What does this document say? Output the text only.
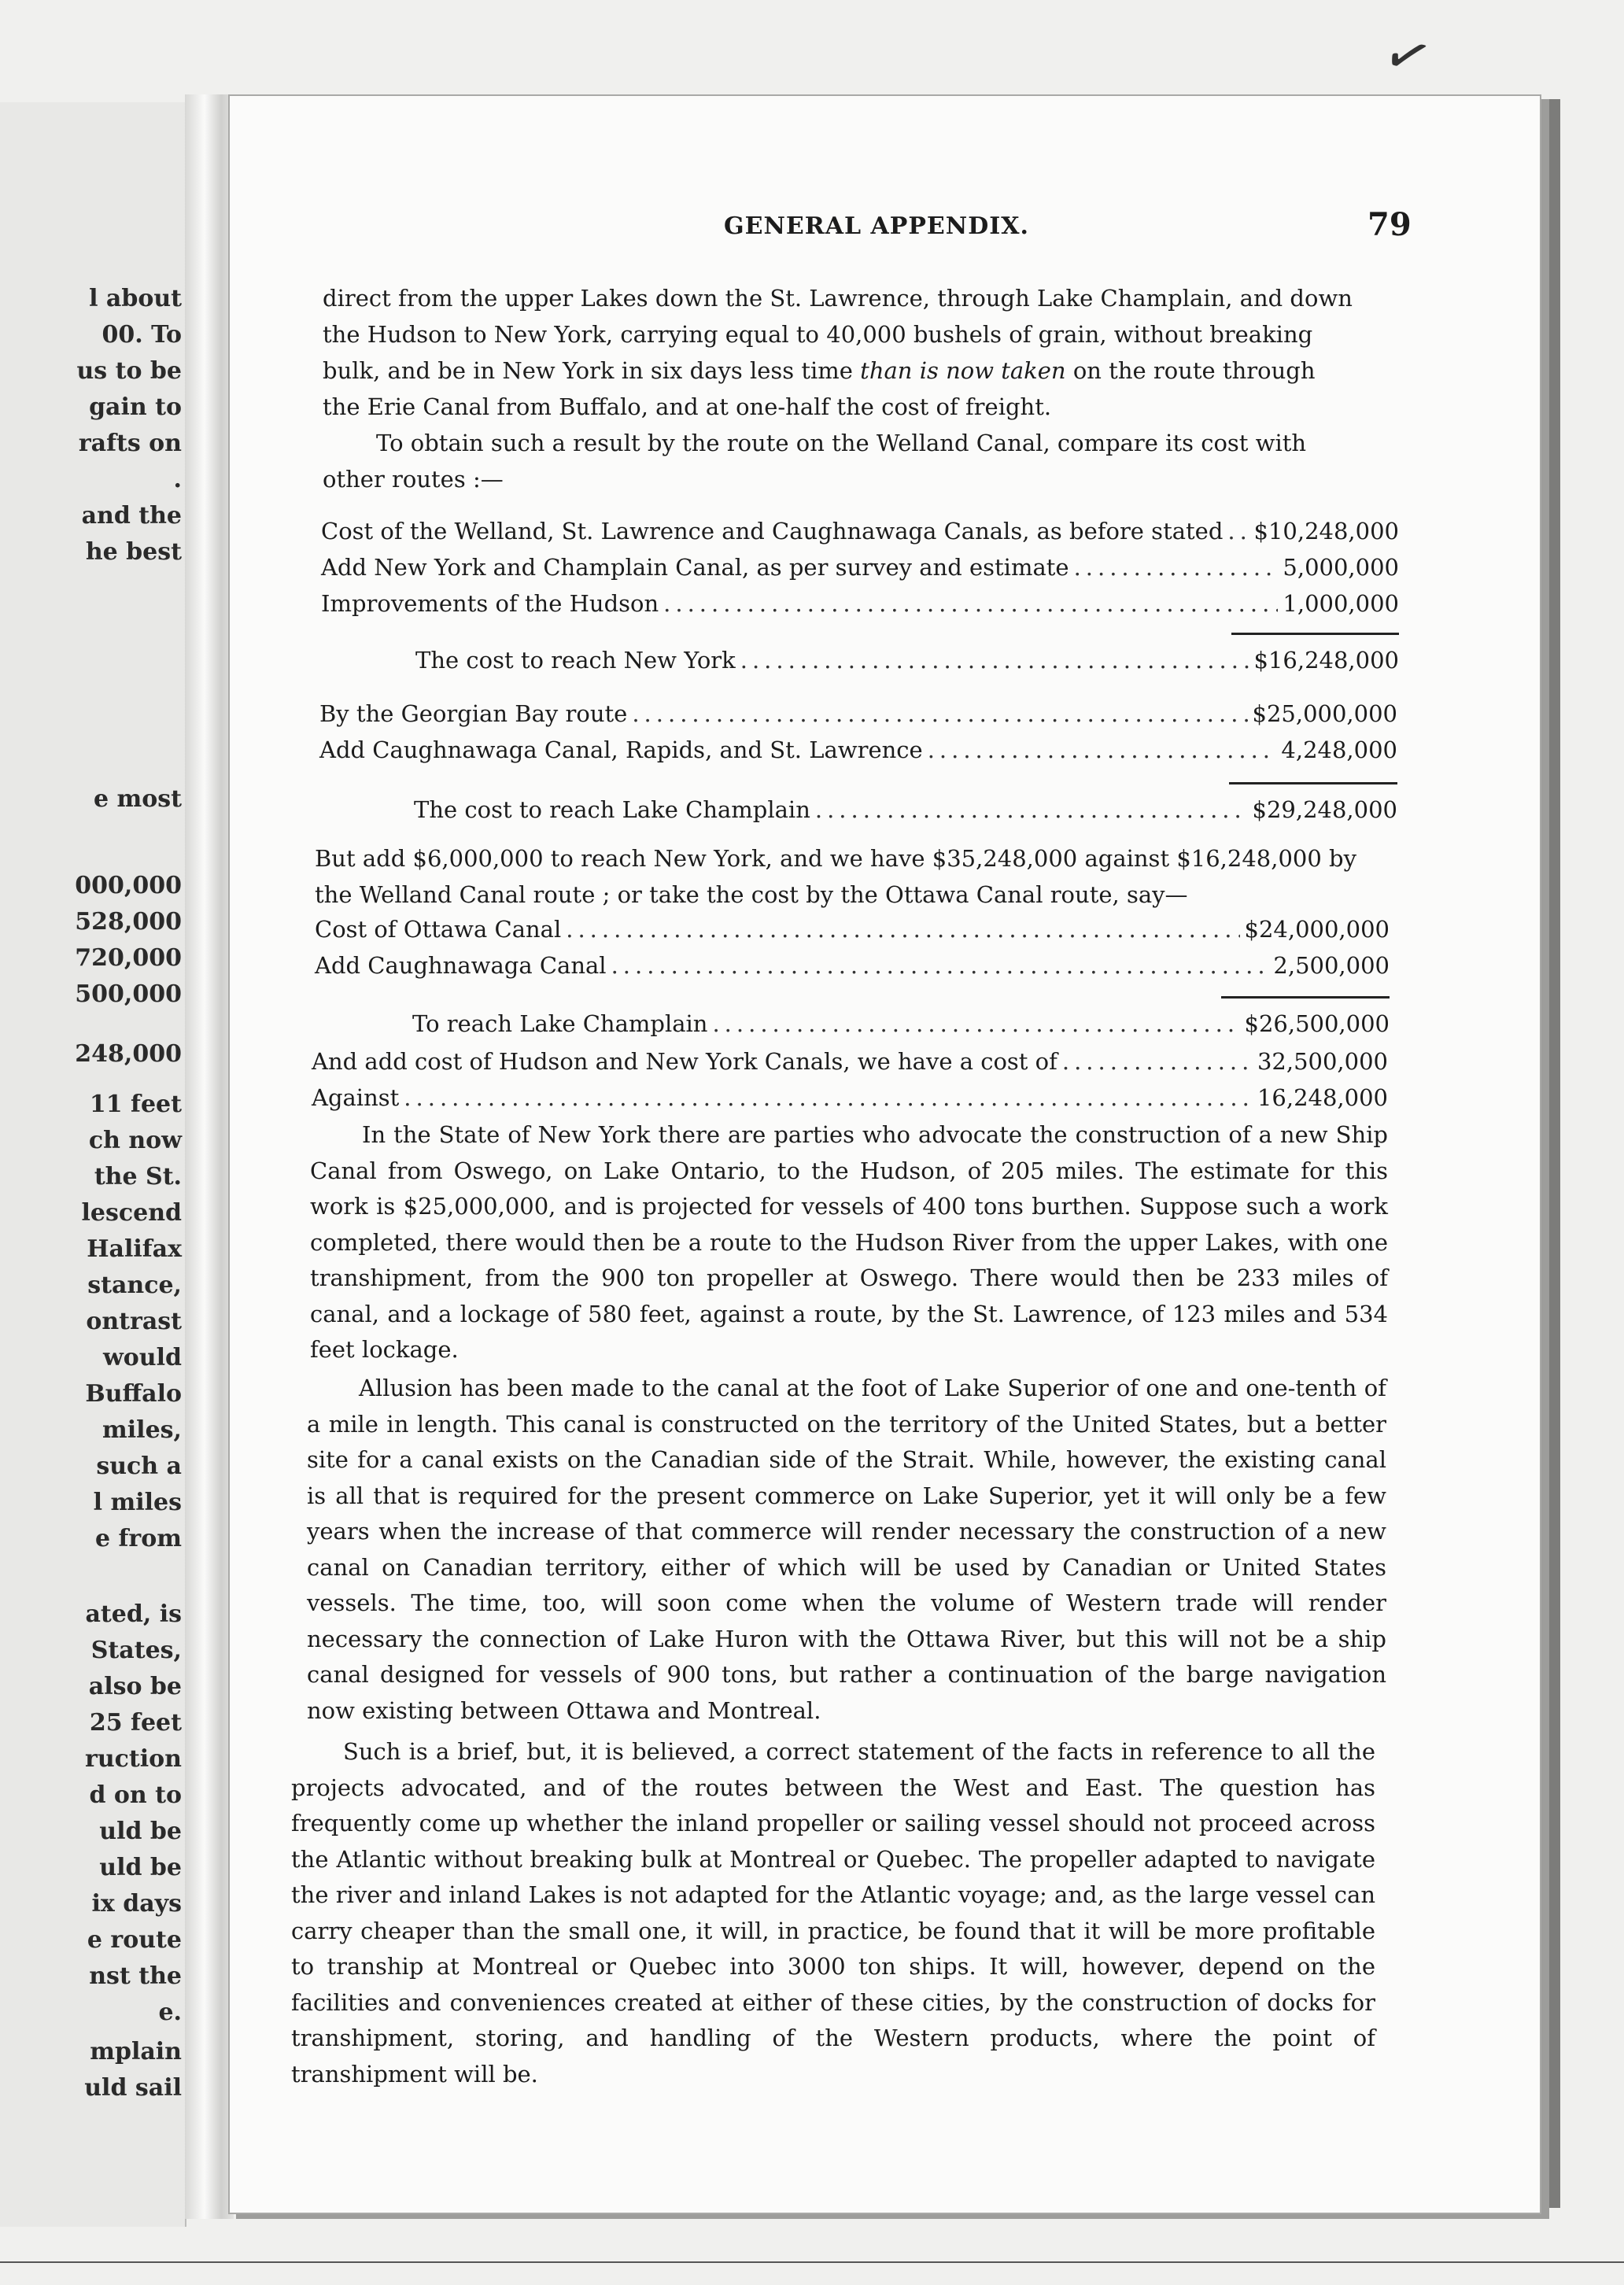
l about
00. To
us to be
gain to
rafts on
.
and the
he best
e most
000,000
528,000
720,000
500,000
248,000
11 feet
ch now
the St.
lescend
Halifax
stance,
ontrast
would
Buffalo
miles,
such a
l miles
e from
ated, is
States,
also be
25 feet
ruction
d on to
uld be
uld be
ix days
e route
nst the
e.
mplain
uld sail
✓
GENERAL APPENDIX.	79
direct from the upper Lakes down the St. Lawrence, through Lake Champlain, and down
the Hudson to New York, carrying equal to 40,000 bushels of grain, without breaking
bulk, and be in New York in six days less time than is now taken on the route through
the Erie Canal from Buffalo, and at one-half the cost of freight.
To obtain such a result by the route on the Welland Canal, compare its cost with
other routes :—
Cost of the Welland, St. Lawrence and Caughnawaga Canals, as before stated ..... $10,248,000
Add New York and Champlain Canal, as per survey and estimate .....	5,000,000
Improvements of the Hudson .....	1,000,000
The cost to reach New York .....	$16,248,000
By the Georgian Bay route .....	$25,000,000
Add Caughnawaga Canal, Rapids, and St. Lawrence .....	4,248,000
The cost to reach Lake Champlain .....	$29,248,000
But add $6,000,000 to reach New York, and we have $35,248,000 against $16,248,000 by
the Welland Canal route ; or take the cost by the Ottawa Canal route, say—
Cost of Ottawa Canal .....	$24,000,000
Add Caughnawaga Canal .....	2,500,000
To reach Lake Champlain .....	$26,500,000
And add cost of Hudson and New York Canals, we have a cost of .....	32,500,000
Against .....	16,248,000
In the State of New York there are parties who advocate the construction of a new Ship Canal from Oswego, on Lake Ontario, to the Hudson, of 205 miles. The estimate for this work is $25,000,000, and is projected for vessels of 400 tons burthen. Suppose such a work completed, there would then be a route to the Hudson River from the upper Lakes, with one transhipment, from the 900 ton propeller at Oswego. There would then be 233 miles of canal, and a lockage of 580 feet, against a route, by the St. Lawrence, of 123 miles and 534 feet lockage.
Allusion has been made to the canal at the foot of Lake Superior of one and one-tenth of a mile in length. This canal is constructed on the territory of the United States, but a better site for a canal exists on the Canadian side of the Strait. While, however, the existing canal is all that is required for the present commerce on Lake Superior, yet it will only be a few years when the increase of that commerce will render necessary the construction of a new canal on Canadian territory, either of which will be used by Canadian or United States vessels. The time, too, will soon come when the volume of Western trade will render necessary the connection of Lake Huron with the Ottawa River, but this will not be a ship canal designed for vessels of 900 tons, but rather a continuation of the barge navigation now existing between Ottawa and Montreal.
Such is a brief, but, it is believed, a correct statement of the facts in reference to all the projects advocated, and of the routes between the West and East. The question has frequently come up whether the inland propeller or sailing vessel should not proceed across the Atlantic without breaking bulk at Montreal or Quebec. The propeller adapted to navigate the river and inland Lakes is not adapted for the Atlantic voyage; and, as the large vessel can carry cheaper than the small one, it will, in practice, be found that it will be more profitable to tranship at Montreal or Quebec into 3000 ton ships. It will, however, depend on the facilities and conveniences created at either of these cities, by the construction of docks for transhipment, storing, and handling of the Western products, where the point of transhipment will be.
